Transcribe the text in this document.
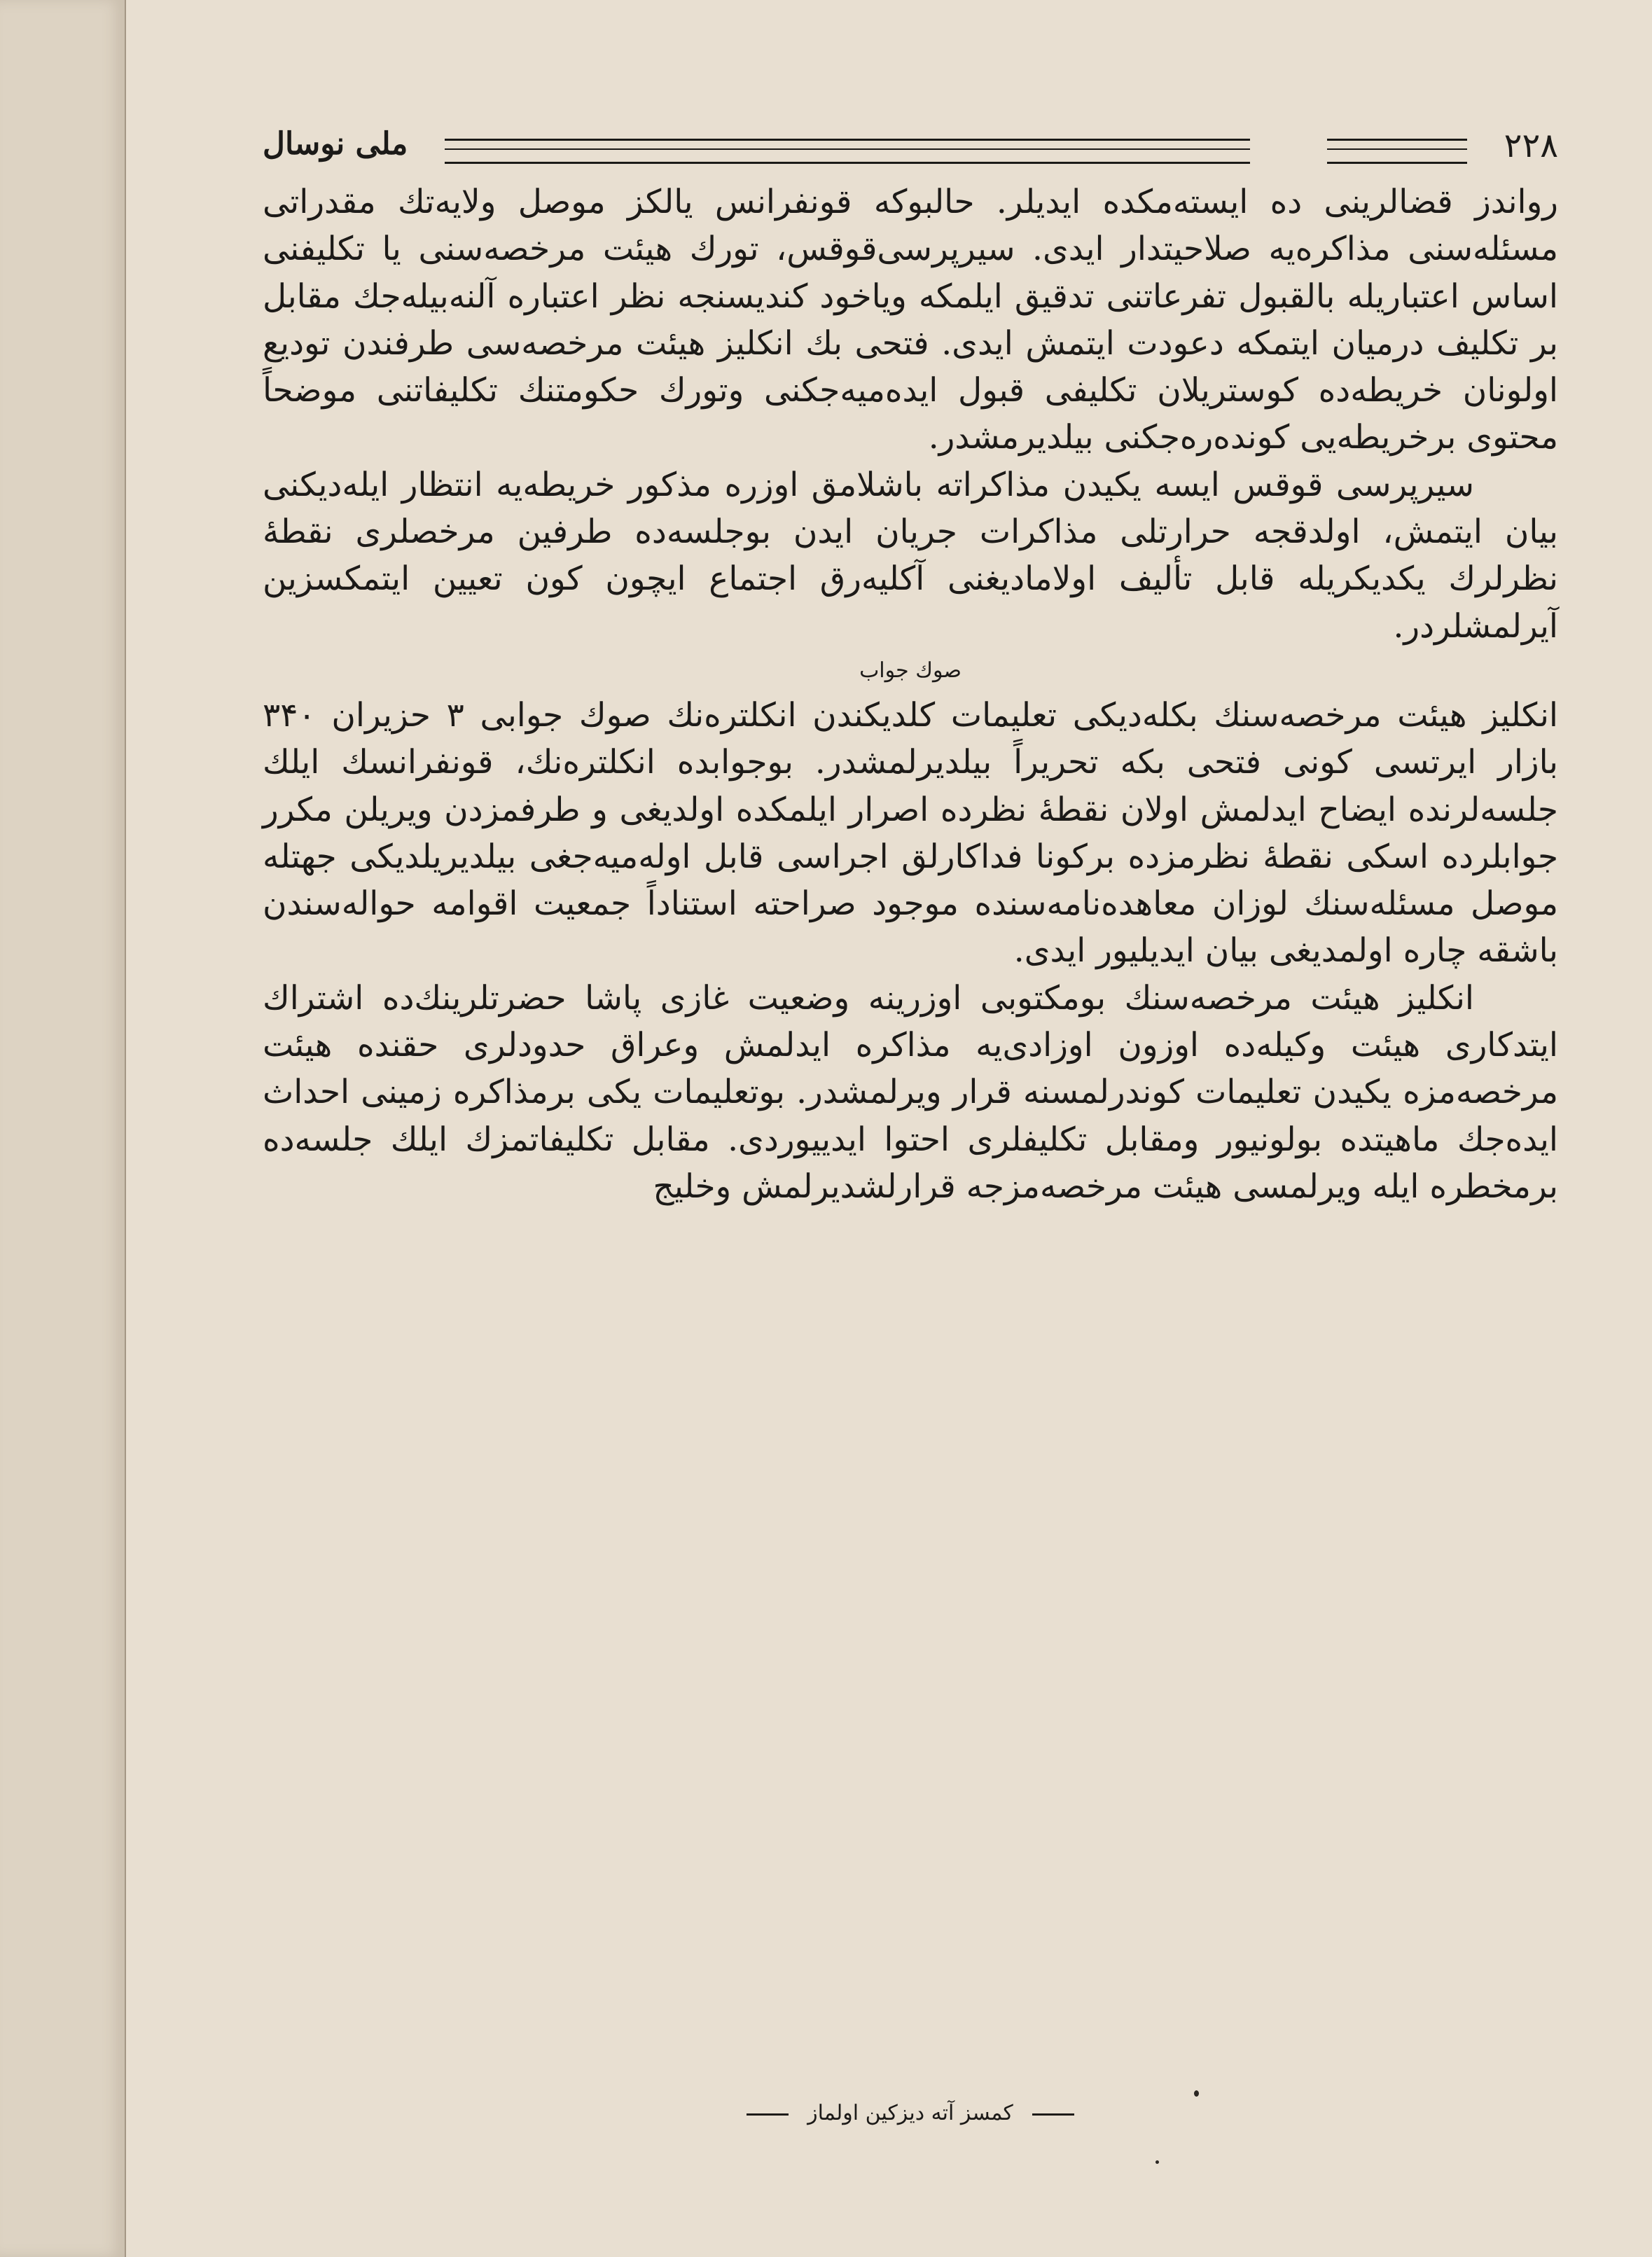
۲۲۸
ملی نوسال

رواندز قضالرینی ده ایسته‌مکده ایدیلر. حالبوکه قونفرانس یالکز موصل ولایه‌تك مقدراتی مسئله‌سنی مذاکره‌یه صلاحیتدار ایدی. سیرپرسی‌قوقس، تورك هیئت مرخصه‌سنی یا تکلیفنی اساس اعتباریله بالقبول تفرعاتنی تدقیق ایلمکه ویاخود کندیسنجه نظر اعتباره آلنه‌بیله‌جك مقابل بر تکلیف درمیان ایتمکه دعودت ایتمش ایدی. فتحی بك انکلیز هیئت مرخصه‌سی طرفندن تودیع اولونان خریطه‌ده کوستریلان تکلیفی قبول ایده‌میه‌جکنی وتورك حکومتنك تکلیفاتنی موضحاً محتوی برخریطه‌یی کونده‌ره‌جکنی بیلدیرمشدر.

سیرپرسی قوقس ایسه یکیدن مذاکراته باشلامق اوزره مذکور خریطه‌یه انتظار ایله‌دیکنی بیان ایتمش، اولدقجه حرارتلی مذاکرات جریان ایدن بوجلسه‌ده طرفین مرخصلری نقطه‌ٔ نظرلرك یکدیکریله قابل تألیف اولامادیغنی آکلیه‌رق اجتماع ایچون کون تعیین ایتمکسزین آیرلمشلردر.

صوك جواب

انکلیز هیئت مرخصه‌سنك بکله‌دیکی تعلیمات کلدیکندن انکلتره‌نك صوك جوابی ۳ حزیران ۳۴۰ بازار ایرتسی کونی فتحی بکه تحریراً بیلدیرلمشدر. بوجوابده انکلتره‌نك، قونفرانسك ایلك جلسه‌لرنده ایضاح ایدلمش اولان نقطه‌ٔ نظرده اصرار ایلمکده اولدیغی و طرفمزدن ویریلن مکرر جوابلرده اسکی نقطه‌ٔ نظرمزده برکونا فداکارلق اجراسی قابل اوله‌میه‌جغی بیلدیریلدیکی جهتله موصل مسئله‌سنك لوزان معاهده‌نامه‌سنده موجود صراحته استناداً جمعیت اقوامه حواله‌سندن باشقه چاره اولمدیغی بیان ایدیلیور ایدی.

انکلیز هیئت مرخصه‌سنك بومکتوبی اوزرینه وضعیت غازی پاشا حضرتلرینك‌ده اشتراك ایتدکاری هیئت وکیله‌ده اوزون اوزادی‌یه مذاکره ایدلمش وعراق حدودلری حقنده هیئت مرخصه‌مزه یکیدن تعلیمات کوندرلمسنه قرار ویرلمشدر. بوتعلیمات یکی برمذاکره زمینی احداث ایده‌جك ماهیتده بولونیور ومقابل تکلیفلری احتوا ایدییوردی. مقابل تکلیفاتمزك ایلك جلسه‌ده برمخطره ایله ویرلمسی هیئت مرخصه‌مزجه قرارلشدیرلمش وخلیج

کمسز آته دیزکین اولماز
